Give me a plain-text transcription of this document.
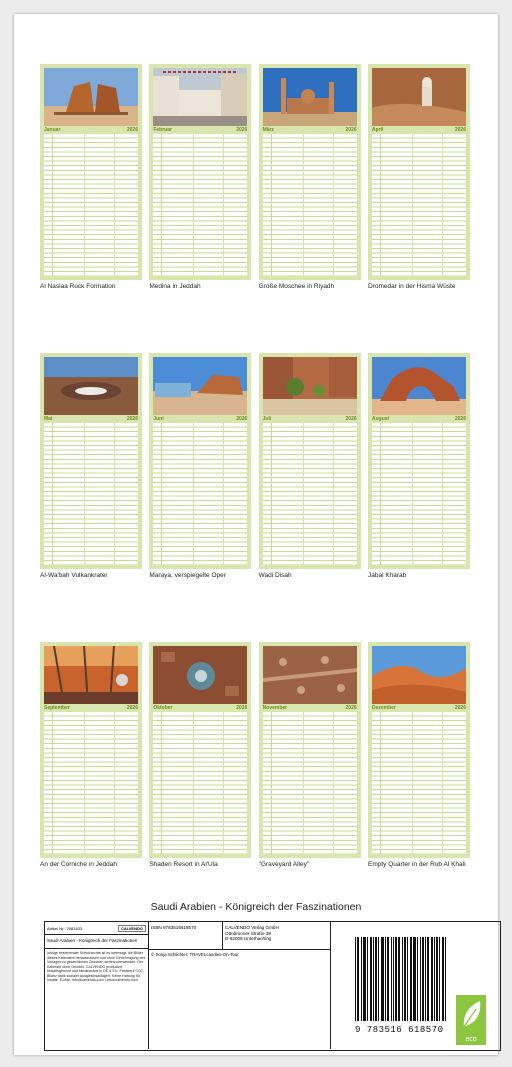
Januar	2026
Al Naslaa Rock Formation
Februar	2026
Medina in Jeddah
März	2026
Große Moschee in Riyadh
April	2026
Dromedar in der Hisma Wüste
Mai	2026
Al-Wa'bah Vulkankrater
Juni	2026
Maraya, verspiegelte Oper
Juli	2026
Wadi Disah
August	2026
Jabal Kharab
September	2026
An der Corniche in Jeddah
Oktober	2026
Shaden Resort in Al'Ula
November	2026
"Graveyard Alley"
Dezember	2026
Empty Quarter in der Rub Al Khali
Saudi Arabien - Königreich der Faszinationen
Artikel Nr.: 2083433	CALVENDO
Saudi Arabien - Königreich der Faszinationen
Infolge bestehender Schutzrechte ist es untersagt, die Bilder dieses Kalenders herauszulösen und ohne Genehmigung des Verlages zu gewerblichen Zwecken weiterzuverwenden. Der Kalender ohne Gewähr. CALVENDO produziert bedarfsgerecht und klimaneutral in DE & EU. Printwerk CO2-Bilanz dank sozialer Ausgleichsanlagen. Keine Haftung für Inhalte. E-Mail: info@calvendo.com • www.calvendo.com
ISBN 9783516618570	CALVENDO Verlag GmbH
Ottobrunner Straße 39
D-82008 Unterhaching
© Sonja Schlichter; TRAVELcandies-On-Tour
9 783516 618570
eco
